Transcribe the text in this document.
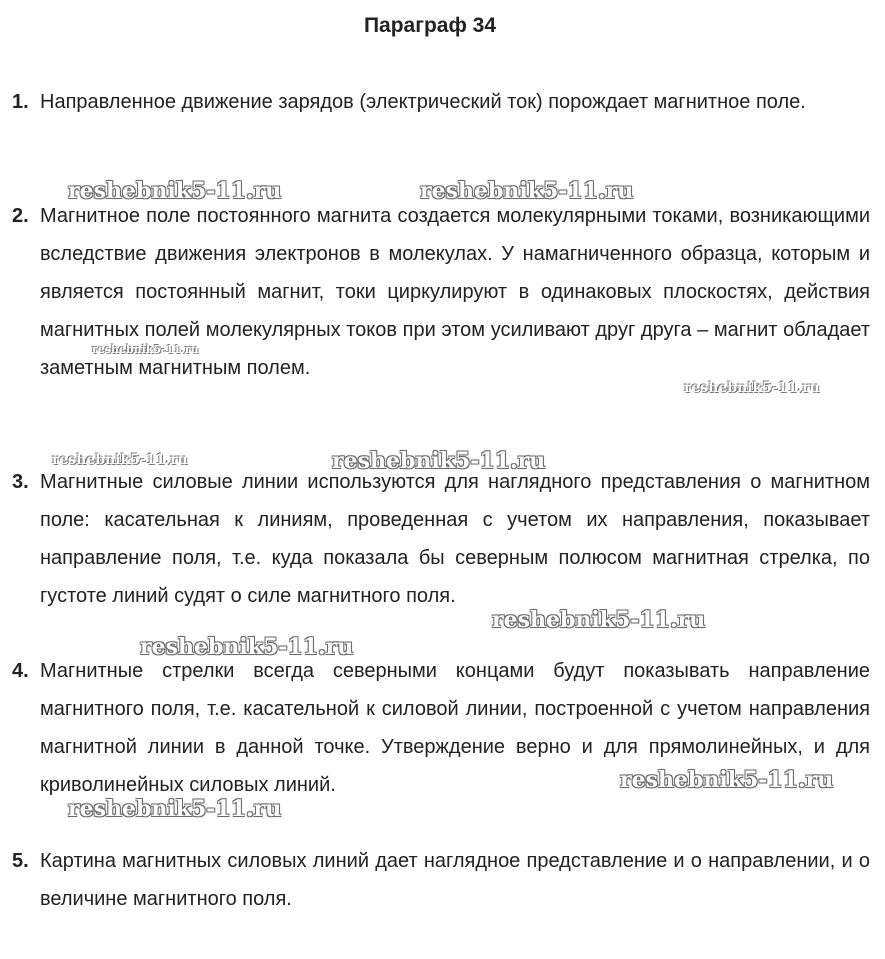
Параграф 34
1. Направленное движение зарядов (электрический ток) порождает магнитное поле.
2. Магнитное поле постоянного магнита создается молекулярными токами, возникающими вследствие движения электронов в молекулах. У намагниченного образца, которым и является постоянный магнит, токи циркулируют в одинаковых плоскостях, действия магнитных полей молекулярных токов при этом усиливают друг друга – магнит обладает заметным магнитным полем.
3. Магнитные силовые линии используются для наглядного представления о магнитном поле: касательная к линиям, проведенная с учетом их направления, показывает направление поля, т.е. куда показала бы северным полюсом магнитная стрелка, по густоте линий судят о силе магнитного поля.
4. Магнитные стрелки всегда северными концами будут показывать направление магнитного поля, т.е. касательной к силовой линии, построенной с учетом направления магнитной линии в данной точке. Утверждение верно и для прямолинейных, и для криволинейных силовых линий.
5. Картина магнитных силовых линий дает наглядное представление и о направлении, и о величине магнитного поля.
reshebnik5-11.ru	reshebnik5-11.ru
reshebnik5-11.ru
reshebnik5-11.ru
reshebnik5-11.ru	reshebnik5-11.ru
reshebnik5-11.ru
reshebnik5-11.ru
reshebnik5-11.ru
reshebnik5-11.ru
